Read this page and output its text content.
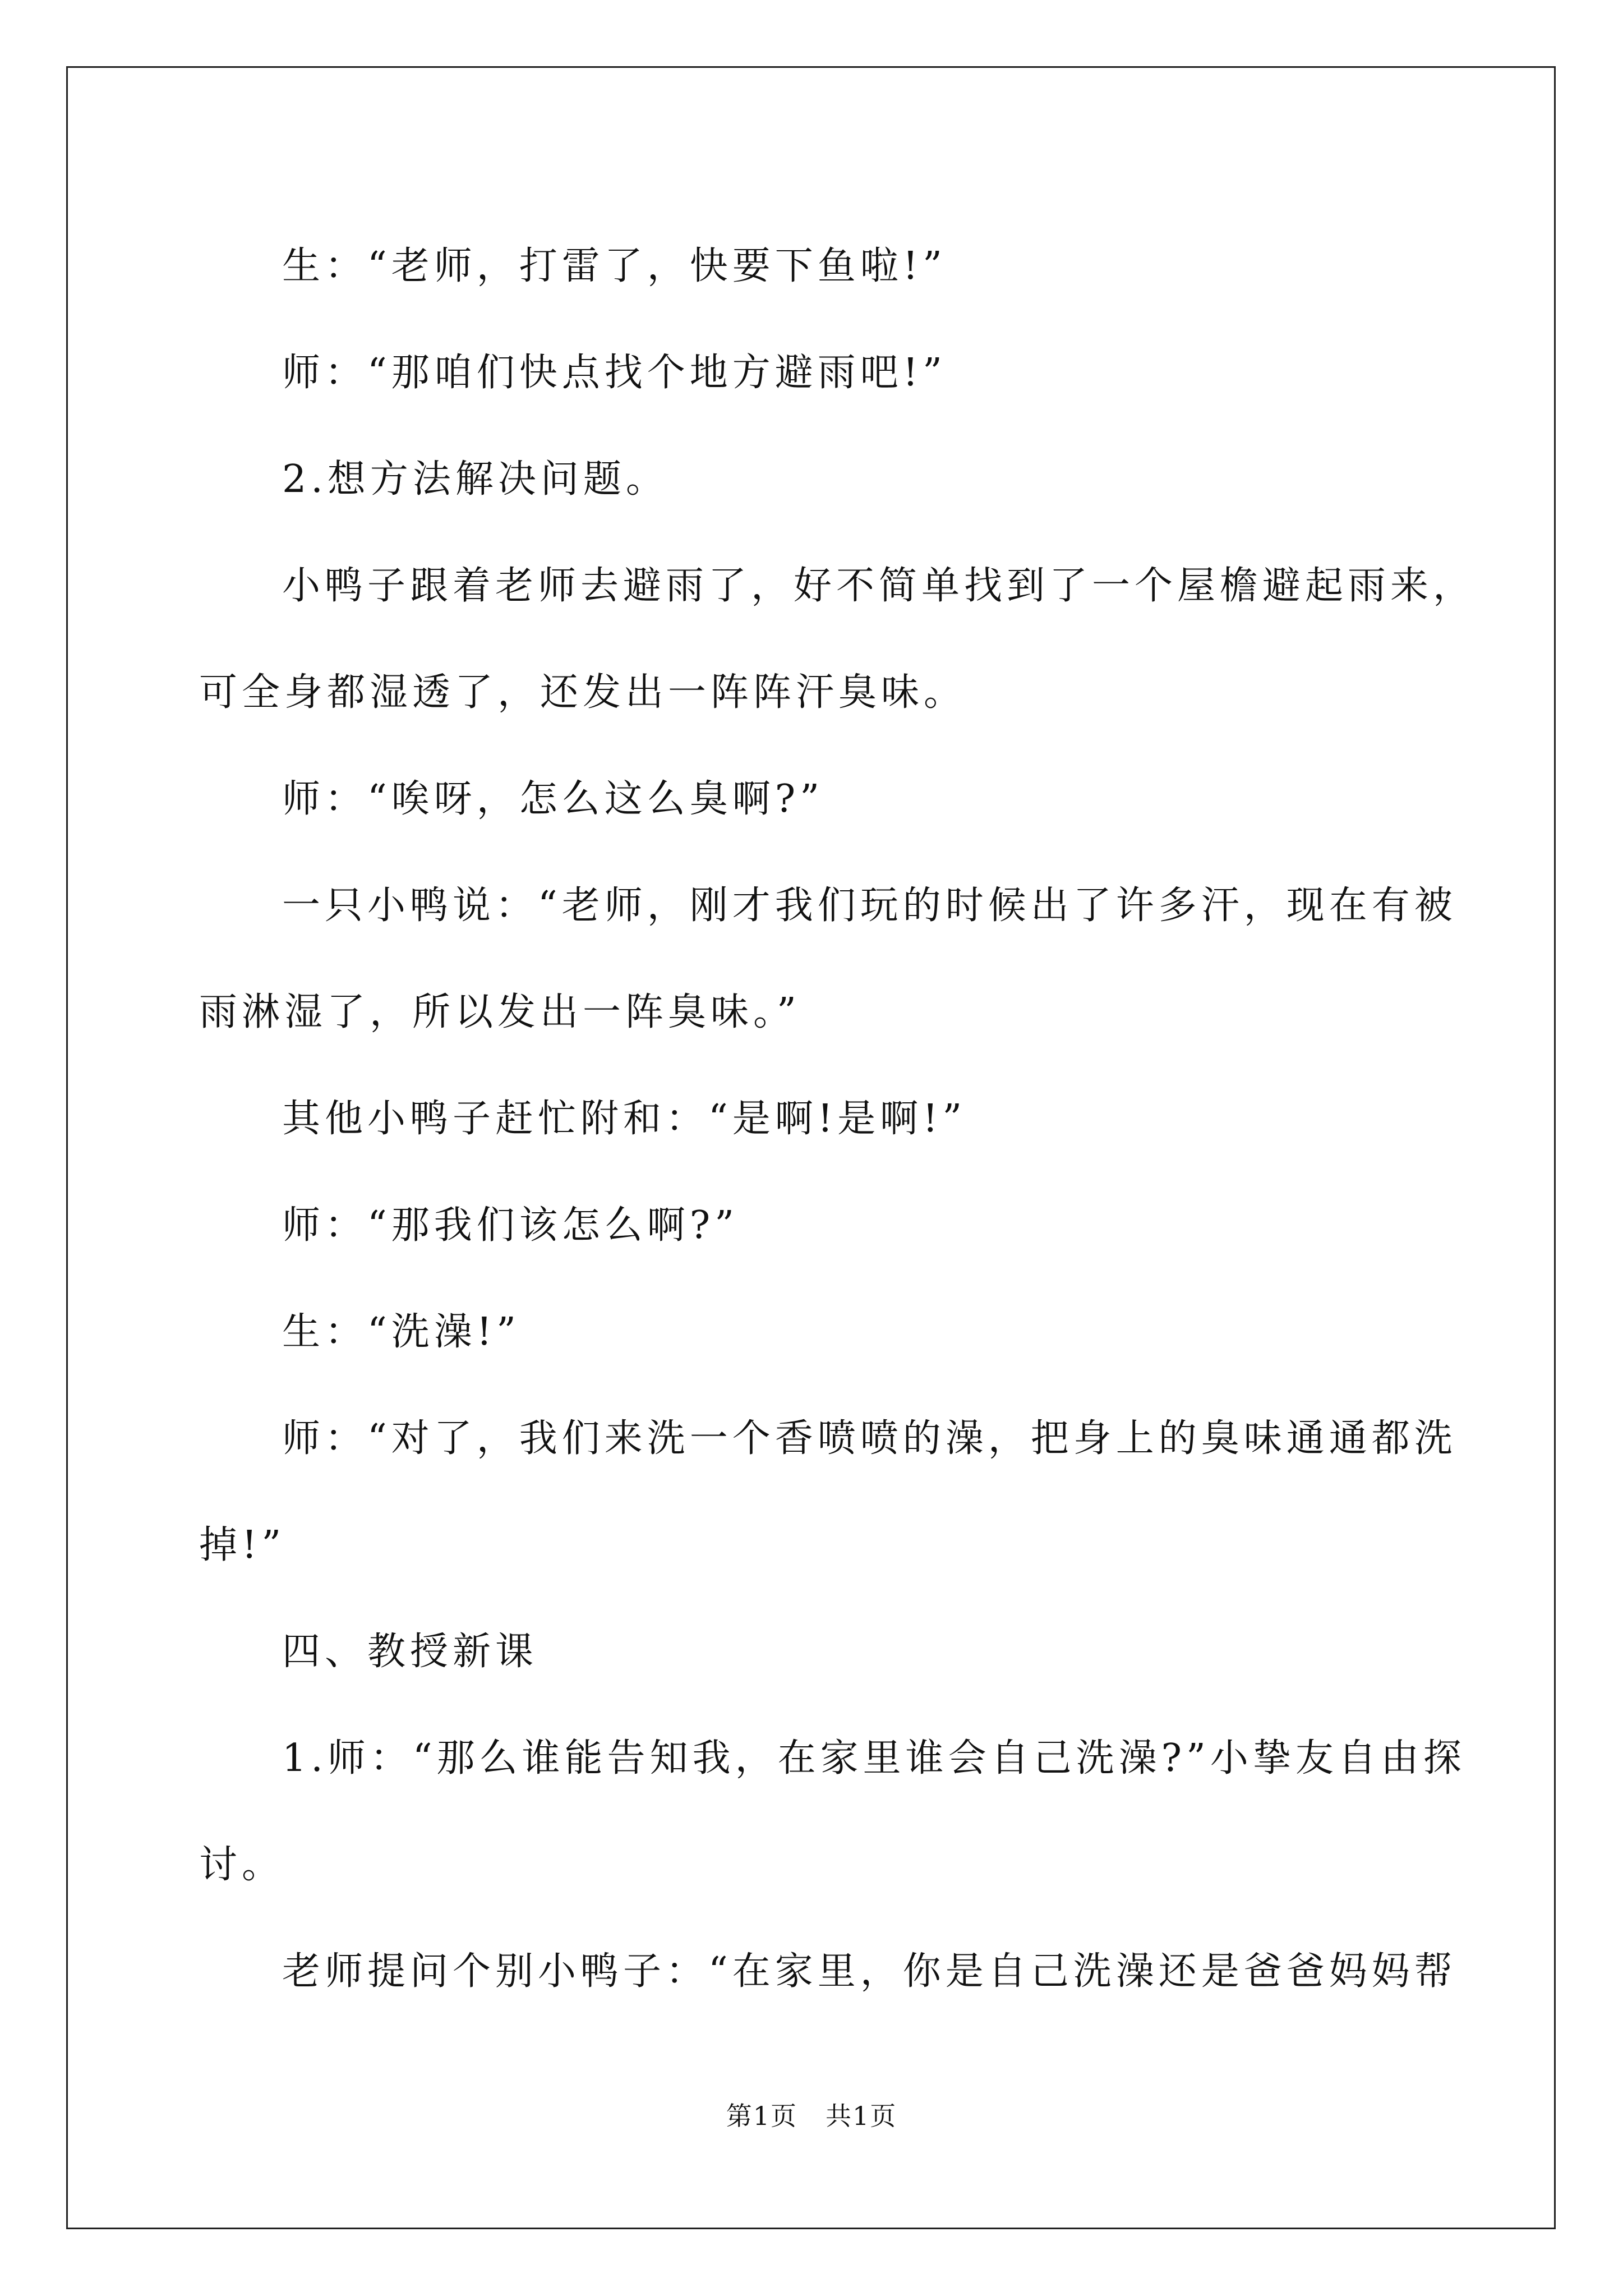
生：“老师，打雷了，快要下鱼啦!”
师：“那咱们快点找个地方避雨吧!”
2.想方法解决问题。
小鸭子跟着老师去避雨了，好不简单找到了一个屋檐避起雨来，
可全身都湿透了，还发出一阵阵汗臭味。
师：“唉呀，怎么这么臭啊?”
一只小鸭说：“老师，刚才我们玩的时候出了许多汗，现在有被
雨淋湿了，所以发出一阵臭味。”
其他小鸭子赶忙附和：“是啊!是啊!”
师：“那我们该怎么啊?”
生：“洗澡!”
师：“对了，我们来洗一个香喷喷的澡，把身上的臭味通通都洗
掉!”
四、教授新课
1.师：“那么谁能告知我，在家里谁会自己洗澡?”小挚友自由探
讨。
老师提问个别小鸭子：“在家里，你是自己洗澡还是爸爸妈妈帮
第1页 共1页
